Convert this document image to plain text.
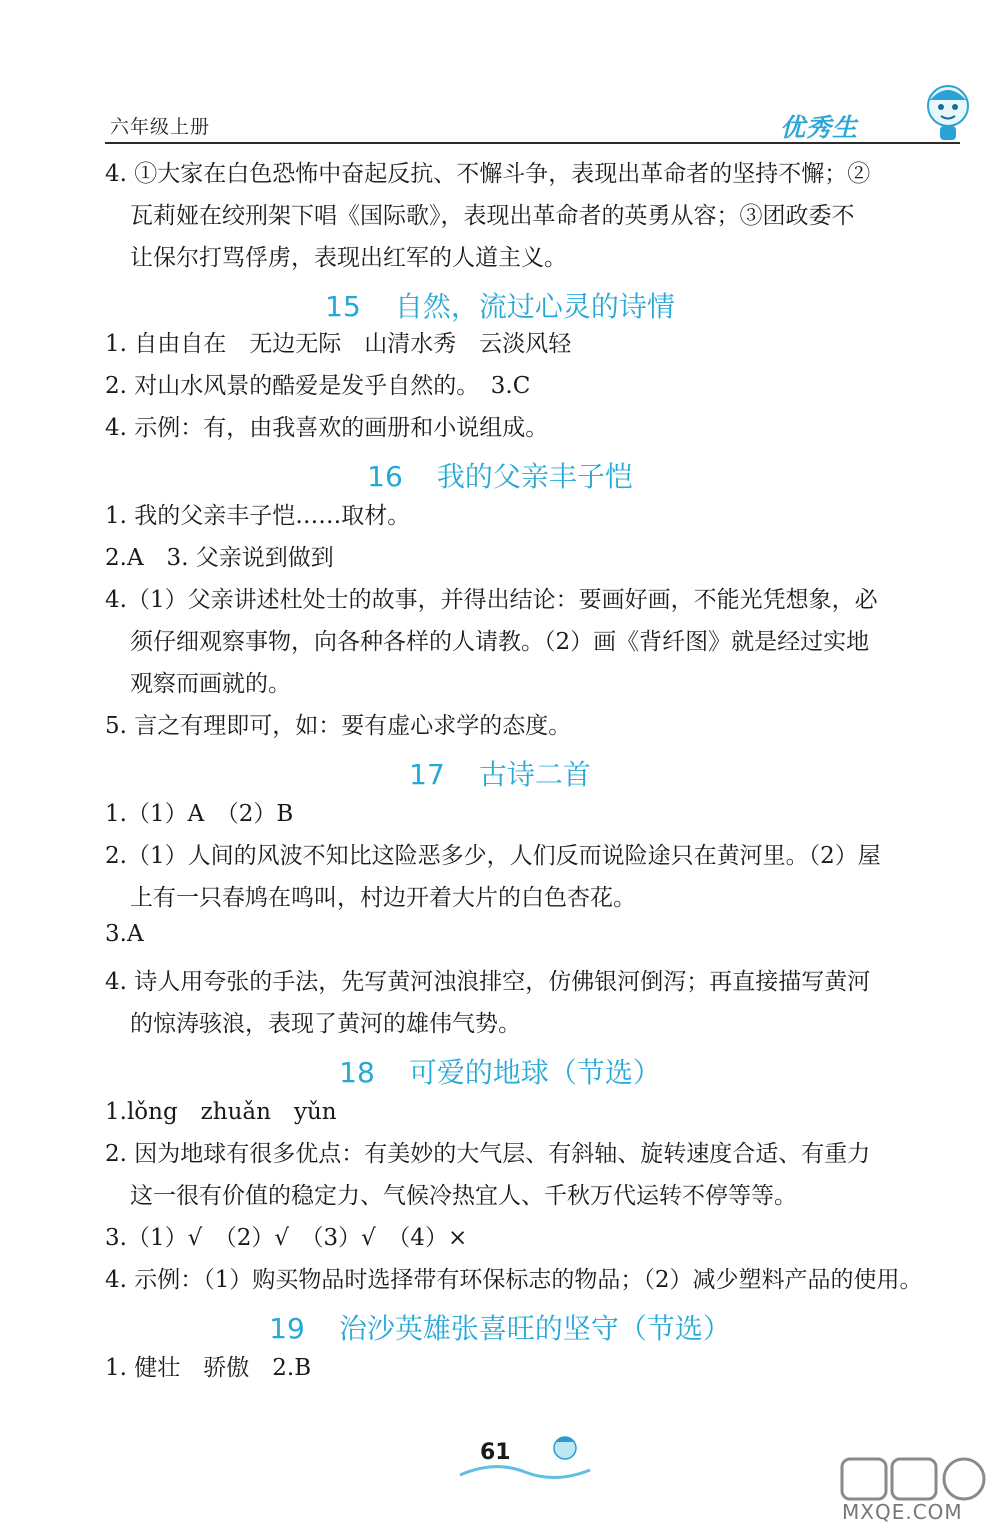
六年级上册	优秀生
4. ①大家在白色恐怖中奋起反抗、不懈斗争，表现出革命者的坚持不懈；②
瓦莉娅在绞刑架下唱《国际歌》，表现出革命者的英勇从容；③团政委不
让保尔打骂俘虏，表现出红军的人道主义。
15 自然，流过心灵的诗情
1. 自由自在　无边无际　山清水秀　云淡风轻
2. 对山水风景的酷爱是发乎自然的。　3.C
4. 示例：有，由我喜欢的画册和小说组成。
16 我的父亲丰子恺
1. 我的父亲丰子恺……取材。
2.A　3. 父亲说到做到
4.（1）父亲讲述杜处士的故事，并得出结论：要画好画，不能光凭想象，必
须仔细观察事物，向各种各样的人请教。（2）画《背纤图》就是经过实地
观察而画就的。
5. 言之有理即可，如：要有虚心求学的态度。
17 古诗二首
1.（1）A　（2）B
2.（1）人间的风波不知比这险恶多少，人们反而说险途只在黄河里。（2）屋
上有一只春鸠在鸣叫，村边开着大片的白色杏花。
3.A
4. 诗人用夸张的手法，先写黄河浊浪排空，仿佛银河倒泻；再直接描写黄河
的惊涛骇浪，表现了黄河的雄伟气势。
18 可爱的地球（节选）
1.lǒng　zhuǎn　yǔn
2. 因为地球有很多优点：有美妙的大气层、有斜轴、旋转速度合适、有重力
这一很有价值的稳定力、气候冷热宜人、千秋万代运转不停等等。
3.（1）√　（2）√　（3）√　（4）×
4. 示例：（1）购买物品时选择带有环保标志的物品；（2）减少塑料产品的使用。
19 治沙英雄张喜旺的坚守（节选）
1. 健壮　骄傲　2.B
61
MXQE.COM
